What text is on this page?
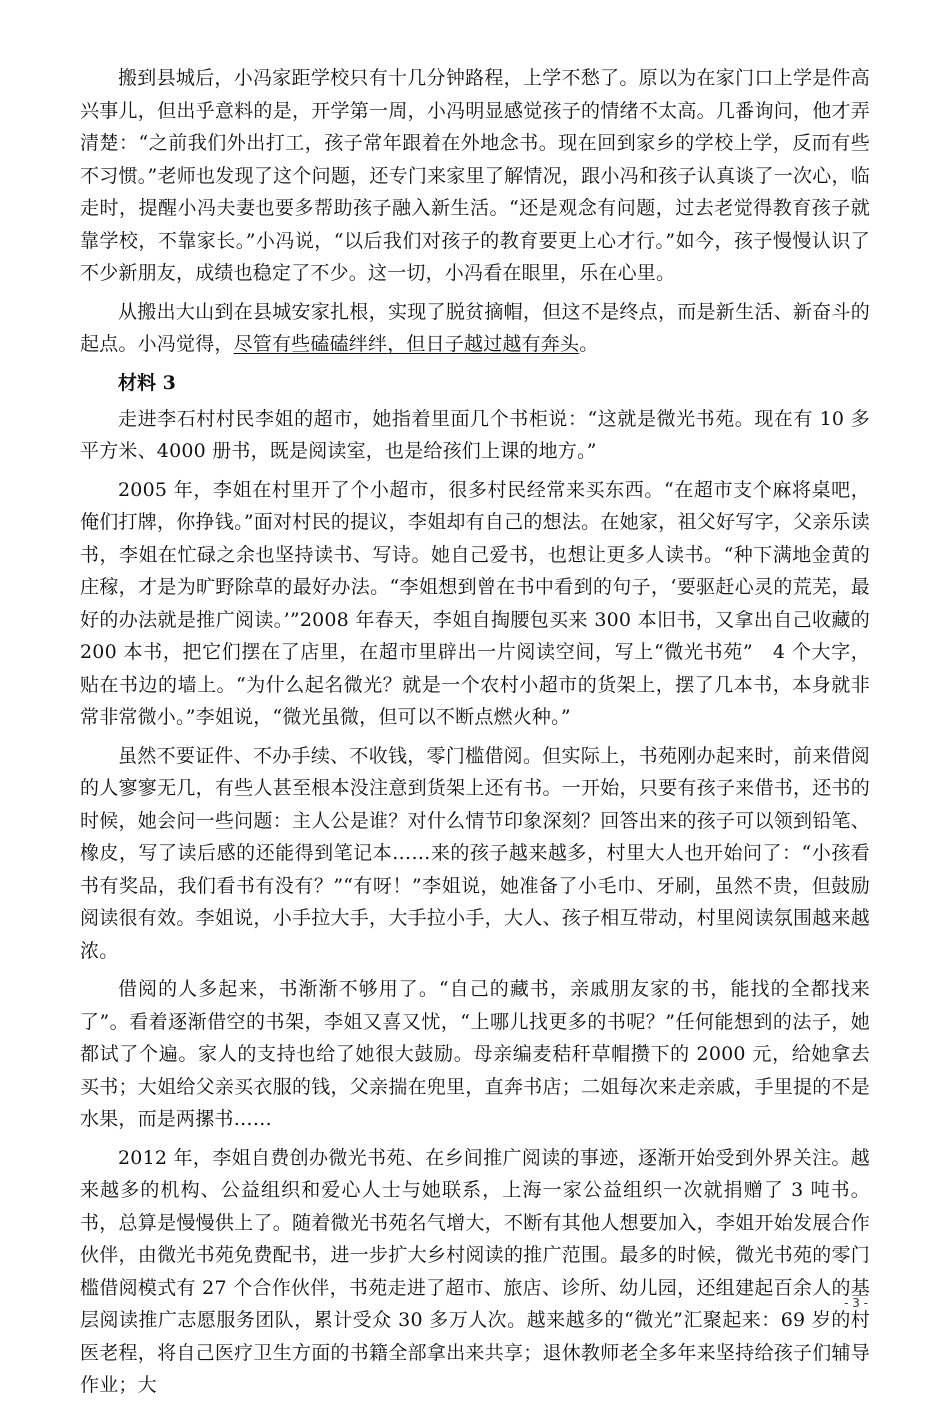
搬到县城后，小冯家距学校只有十几分钟路程，上学不愁了。原以为在家门口上学是件高兴事儿，但出乎意料的是，开学第一周，小冯明显感觉孩子的情绪不太高。几番询问，他才弄清楚：“之前我们外出打工，孩子常年跟着在外地念书。现在回到家乡的学校上学，反而有些不习惯。”老师也发现了这个问题，还专门来家里了解情况，跟小冯和孩子认真谈了一次心，临走时，提醒小冯夫妻也要多帮助孩子融入新生活。“还是观念有问题，过去老觉得教育孩子就靠学校，不靠家长。”小冯说，“以后我们对孩子的教育要更上心才行。”如今，孩子慢慢认识了不少新朋友，成绩也稳定了不少。这一切，小冯看在眼里，乐在心里。

从搬出大山到在县城安家扎根，实现了脱贫摘帽，但这不是终点，而是新生活、新奋斗的起点。小冯觉得，尽管有些磕磕绊绊，但日子越过越有奔头。

材料 3

走进李石村村民李姐的超市，她指着里面几个书柜说：“这就是微光书苑。现在有 10 多平方米、4000 册书，既是阅读室，也是给孩们上课的地方。”

2005 年，李姐在村里开了个小超市，很多村民经常来买东西。“在超市支个麻将桌吧，俺们打牌，你挣钱。”面对村民的提议，李姐却有自己的想法。在她家，祖父好写字，父亲乐读书，李姐在忙碌之余也坚持读书、写诗。她自己爱书，也想让更多人读书。“种下满地金黄的庄稼，才是为旷野除草的最好办法。“李姐想到曾在书中看到的句子，‘要驱赶心灵的荒芜，最好的办法就是推广阅读。’”2008 年春天，李姐自掏腰包买来 300 本旧书，又拿出自己收藏的 200 本书，把它们摆在了店里，在超市里辟出一片阅读空间，写上“微光书苑”　4 个大字，贴在书边的墙上。“为什么起名微光？就是一个农村小超市的货架上，摆了几本书，本身就非常非常微小。”李姐说，“微光虽微，但可以不断点燃火种。”

虽然不要证件、不办手续、不收钱，零门槛借阅。但实际上，书苑刚办起来时，前来借阅的人寥寥无几，有些人甚至根本没注意到货架上还有书。一开始，只要有孩子来借书，还书的时候，她会问一些问题：主人公是谁？对什么情节印象深刻？回答出来的孩子可以领到铅笔、橡皮，写了读后感的还能得到笔记本……来的孩子越来越多，村里大人也开始问了：“小孩看书有奖品，我们看书有没有？”“有呀！”李姐说，她准备了小毛巾、牙刷，虽然不贵，但鼓励阅读很有效。李姐说，小手拉大手，大手拉小手，大人、孩子相互带动，村里阅读氛围越来越浓。

借阅的人多起来，书渐渐不够用了。“自己的藏书，亲戚朋友家的书，能找的全都找来了”。看着逐渐借空的书架，李姐又喜又忧，“上哪儿找更多的书呢？”任何能想到的法子，她都试了个遍。家人的支持也给了她很大鼓励。母亲编麦秸秆草帽攒下的 2000 元，给她拿去买书；大姐给父亲买衣服的钱，父亲揣在兜里，直奔书店；二姐每次来走亲戚，手里提的不是水果，而是两摞书……

2012 年，李姐自费创办微光书苑、在乡间推广阅读的事迹，逐渐开始受到外界关注。越来越多的机构、公益组织和爱心人士与她联系，上海一家公益组织一次就捐赠了 3 吨书。书，总算是慢慢供上了。随着微光书苑名气增大，不断有其他人想要加入，李姐开始发展合作伙伴，由微光书苑免费配书，进一步扩大乡村阅读的推广范围。最多的时候，微光书苑的零门槛借阅模式有 27 个合作伙伴，书苑走进了超市、旅店、诊所、幼儿园，还组建起百余人的基层阅读推广志愿服务团队，累计受众 30 多万人次。越来越多的“微光”汇聚起来：69 岁的村医老程，将自己医疗卫生方面的书籍全部拿出来共享；退休教师老全多年来坚持给孩子们辅导作业；大

- 3 -
